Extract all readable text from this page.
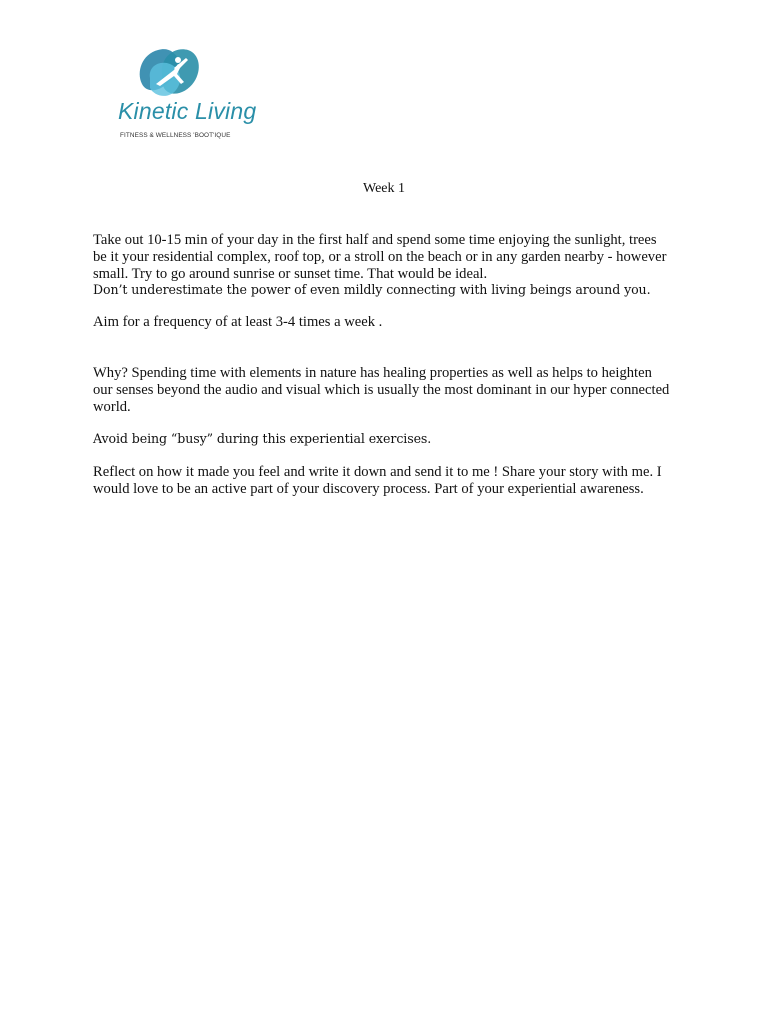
Kinetic Living
FITNESS & WELLNESS 'BOOT'IQUE
Week 1

Take out 10-15 min of your day in the first half and spend some time enjoying the sunlight, trees be it your residential complex, roof top, or a stroll on the beach or in any garden nearby - however small. Try to go around sunrise or sunset time. That would be ideal.

Don’t underestimate the power of even mildly connecting with living beings around you.

Aim for a frequency of at least 3-4 times a week .

Why? Spending time with elements in nature has healing properties as well as helps to heighten our senses beyond the audio and visual which is usually the most dominant in our hyper connected world.

Avoid being “busy” during this experiential exercises.

Reflect on how it made you feel and write it down and send it to me ! Share your story with me. I would love to be an active part of your discovery process. Part of your experiential awareness.
